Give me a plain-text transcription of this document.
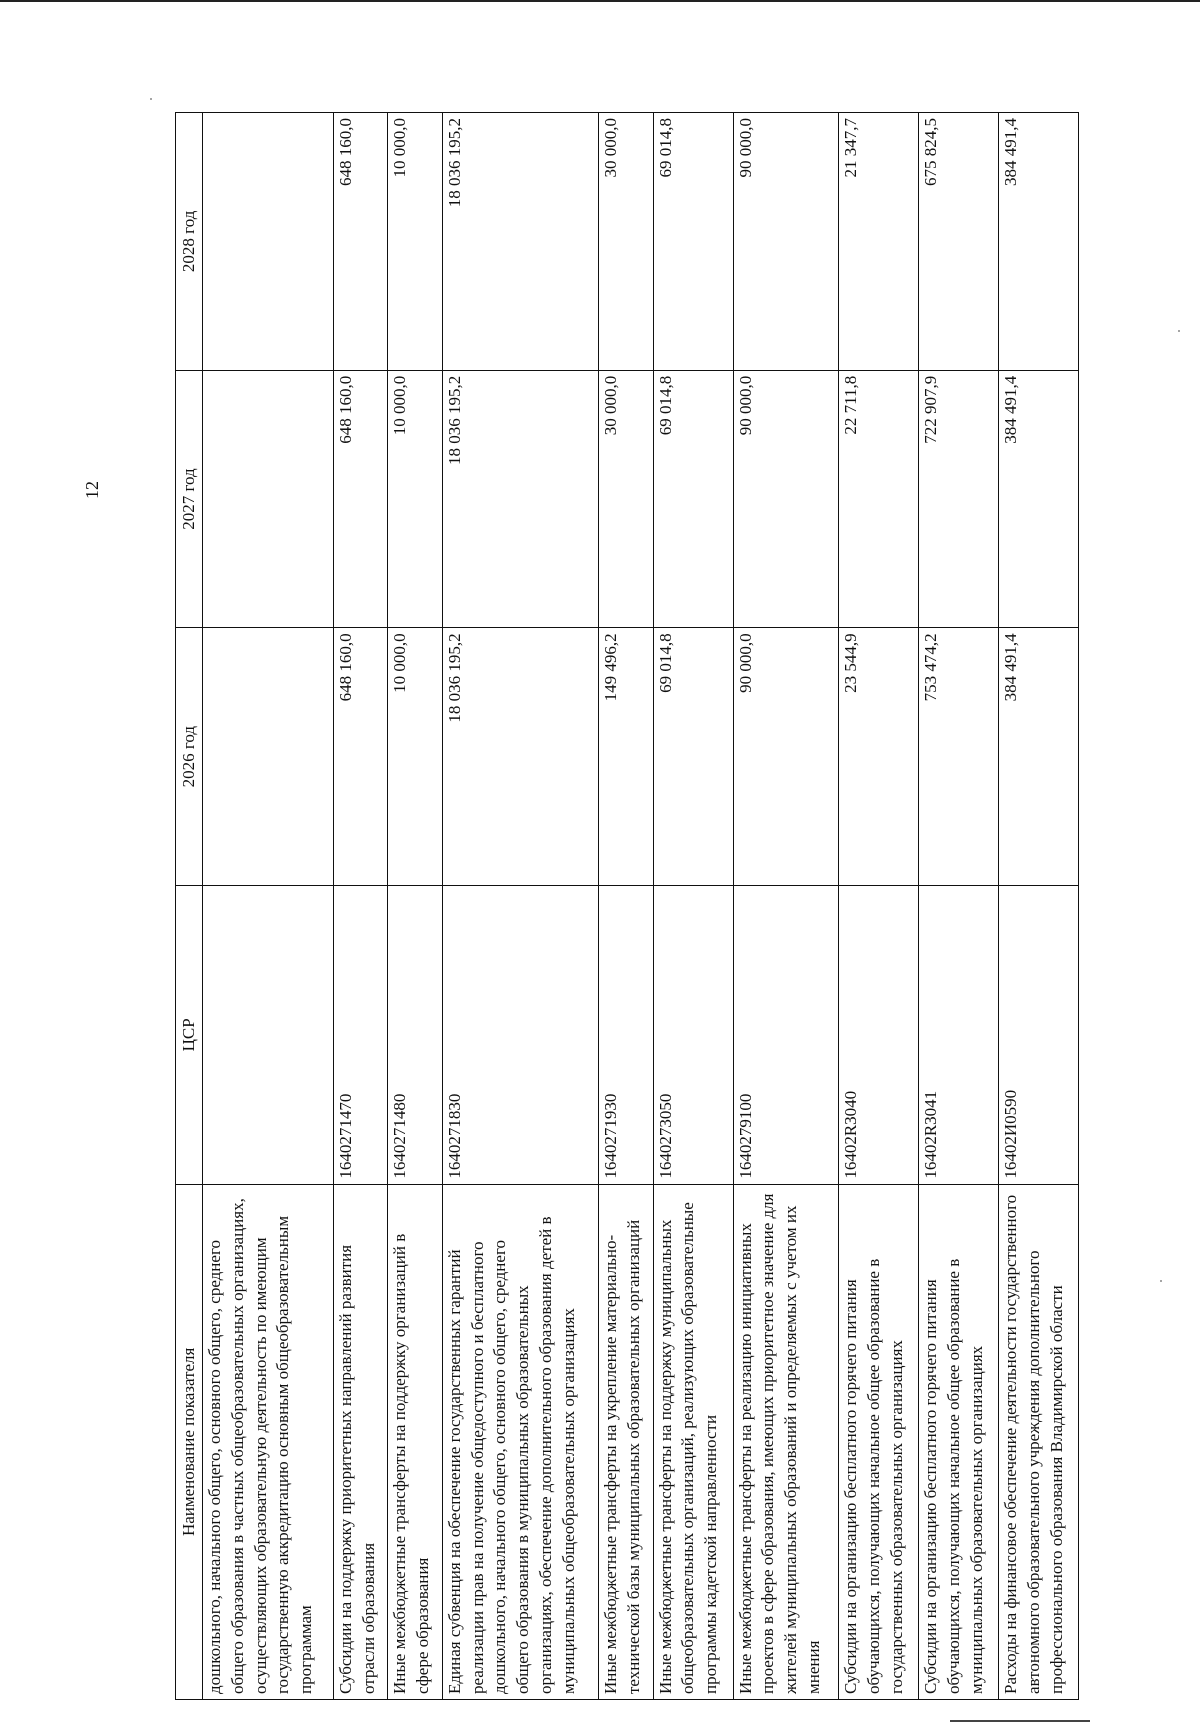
12
Наименование показателя	ЦСР	2026 год	2027 год	2028 год
дошкольного, начального общего, основного общего, среднего общего образования в частных общеобразовательных организациях, осуществляющих образовательную деятельность по имеющим государственную аккредитацию основным общеобразовательным программам				
Субсидии на поддержку приоритетных направлений развития отрасли образования	1640271470	648 160,0	648 160,0	648 160,0
Иные межбюджетные трансферты на поддержку организаций в сфере образования	1640271480	10 000,0	10 000,0	10 000,0
Единая субвенция на обеспечение государственных гарантий реализации прав на получение общедоступного и бесплатного дошкольного, начального общего, основного общего, среднего общего образования в муниципальных образовательных организациях, обеспечение дополнительного образования детей в муниципальных общеобразовательных организациях	1640271830	18 036 195,2	18 036 195,2	18 036 195,2
Иные межбюджетные трансферты на укрепление материально-технической базы муниципальных образовательных организаций	1640271930	149 496,2	30 000,0	30 000,0
Иные межбюджетные трансферты на поддержку муниципальных общеобразовательных организаций, реализующих образовательные программы кадетской направленности	1640273050	69 014,8	69 014,8	69 014,8
Иные межбюджетные трансферты на реализацию инициативных проектов в сфере образования, имеющих приоритетное значение для жителей муниципальных образований и определяемых с учетом их мнения	1640279100	90 000,0	90 000,0	90 000,0
Субсидии на организацию бесплатного горячего питания обучающихся, получающих начальное общее образование в государственных образовательных организациях	16402R3040	23 544,9	22 711,8	21 347,7
Субсидии на организацию бесплатного горячего питания обучающихся, получающих начальное общее образование в муниципальных образовательных организациях	16402R3041	753 474,2	722 907,9	675 824,5
Расходы на финансовое обеспечение деятельности государственного автономного образовательного учреждения дополнительного профессионального образования Владимирской области	16402И0590	384 491,4	384 491,4	384 491,4
